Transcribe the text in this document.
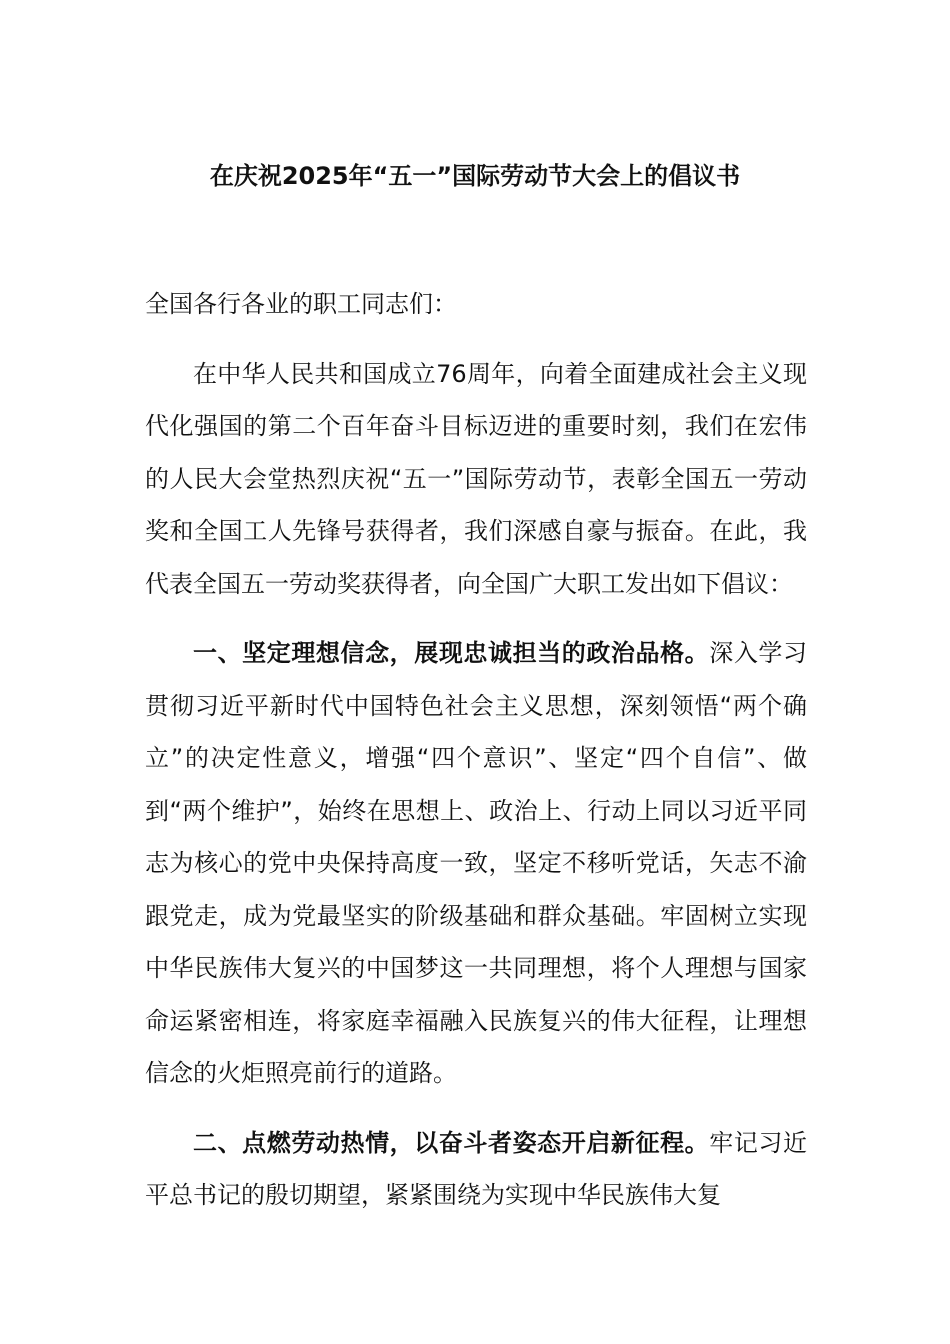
在庆祝2025年“五一”国际劳动节大会上的倡议书

全国各行各业的职工同志们：

在中华人民共和国成立76周年，向着全面建成社会主义现代化强国的第二个百年奋斗目标迈进的重要时刻，我们在宏伟的人民大会堂热烈庆祝“五一”国际劳动节，表彰全国五一劳动奖和全国工人先锋号获得者，我们深感自豪与振奋。在此，我代表全国五一劳动奖获得者，向全国广大职工发出如下倡议：

一、坚定理想信念，展现忠诚担当的政治品格。深入学习贯彻习近平新时代中国特色社会主义思想，深刻领悟“两个确立”的决定性意义，增强“四个意识”、坚定“四个自信”、做到“两个维护”，始终在思想上、政治上、行动上同以习近平同志为核心的党中央保持高度一致，坚定不移听党话，矢志不渝跟党走，成为党最坚实的阶级基础和群众基础。牢固树立实现中华民族伟大复兴的中国梦这一共同理想，将个人理想与国家命运紧密相连，将家庭幸福融入民族复兴的伟大征程，让理想信念的火炬照亮前行的道路。

二、点燃劳动热情，以奋斗者姿态开启新征程。牢记习近平总书记的殷切期望，紧紧围绕为实现中华民族伟大复
